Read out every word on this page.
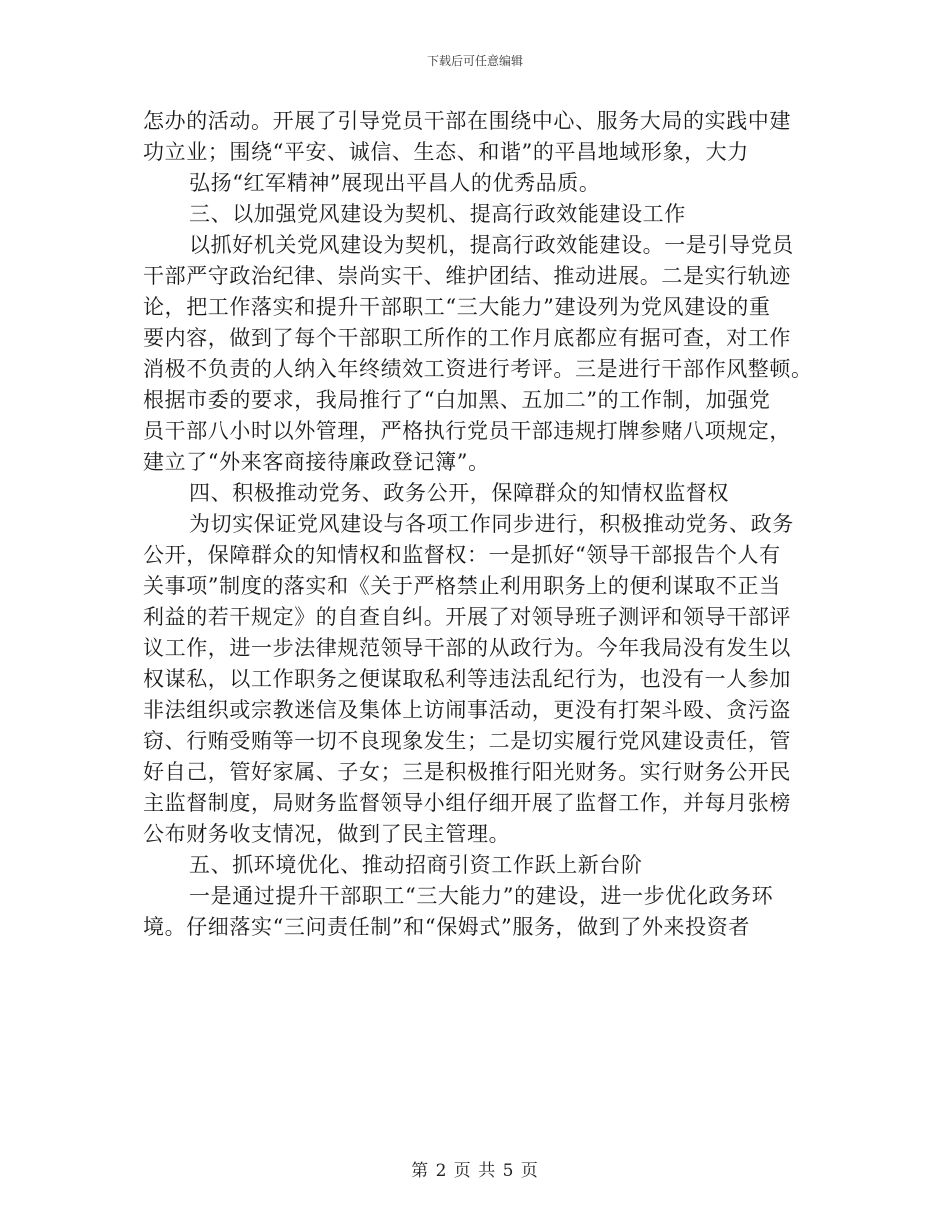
下载后可任意编辑
怎办的活动。开展了引导党员干部在围绕中心、服务大局的实践中建
功立业；围绕“平安、诚信、生态、和谐”的平昌地域形象，大力
弘扬“红军精神”展现出平昌人的优秀品质。
三、以加强党风建设为契机、提高行政效能建设工作
以抓好机关党风建设为契机，提高行政效能建设。一是引导党员
干部严守政治纪律、崇尚实干、维护团结、推动进展。二是实行轨迹
论，把工作落实和提升干部职工“三大能力”建设列为党风建设的重
要内容，做到了每个干部职工所作的工作月底都应有据可查，对工作
消极不负责的人纳入年终绩效工资进行考评。三是进行干部作风整顿。
根据市委的要求，我局推行了“白加黑、五加二”的工作制，加强党
员干部八小时以外管理，严格执行党员干部违规打牌参赌八项规定，
建立了“外来客商接待廉政登记簿”。
四、积极推动党务、政务公开，保障群众的知情权监督权
为切实保证党风建设与各项工作同步进行，积极推动党务、政务
公开，保障群众的知情权和监督权：一是抓好“领导干部报告个人有
关事项”制度的落实和《关于严格禁止利用职务上的便利谋取不正当
利益的若干规定》的自查自纠。开展了对领导班子测评和领导干部评
议工作，进一步法律规范领导干部的从政行为。今年我局没有发生以
权谋私，以工作职务之便谋取私利等违法乱纪行为，也没有一人参加
非法组织或宗教迷信及集体上访闹事活动，更没有打架斗殴、贪污盗
窃、行贿受贿等一切不良现象发生；二是切实履行党风建设责任，管
好自己，管好家属、子女；三是积极推行阳光财务。实行财务公开民
主监督制度，局财务监督领导小组仔细开展了监督工作，并每月张榜
公布财务收支情况，做到了民主管理。
五、抓环境优化、推动招商引资工作跃上新台阶
一是通过提升干部职工“三大能力”的建设，进一步优化政务环
境。仔细落实“三问责任制”和“保姆式”服务，做到了外来投资者
第 2 页 共 5 页
